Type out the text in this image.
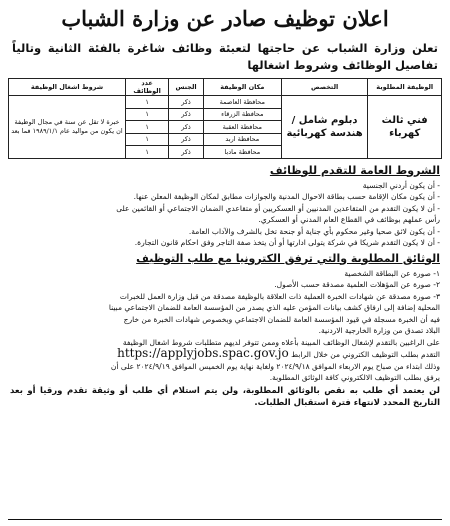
اعلان توظيف صادر عن وزارة الشباب
تعلن وزارة الشباب عن حاجتها لتعبئة وظائف شاغرة بالفئة الثانية وتالياً تفاصيل الوظائف وشروط اشغالها
الوظيفة المطلوبة	التخصص	مكان الوظيفة	الجنس	عدد الوظائف	شروط اشغال الوظيفة
فني ثالث كهرباء	دبلوم شامل / هندسة كهربائية	محافظة العاصمة	ذكر	١	خبرة لا تقل عن سنة في مجال الوظيفة ان يكون من مواليد عام ١٩٨٩/١/١ فما بعد
		محافظة الزرقاء	ذكر	١	
		محافظة العقبة	ذكر	١	
		محافظة اربد	ذكر	١	
		محافظة مادبا	ذكر	١	
الشروط العامة للتقدم للوظائف
- أن يكون أردني الجنسية
- أن يكون مكان الإقامة حسب بطاقة الاحوال المدنية والجوازات مطابق لمكان الوظيفة المعلن عنها.
- أن لا يكون التقدم من المتقاعدين المدنيين أو العسكريين أو متقاعدي الضمان الاجتماعي أو القائمين على
رأس عملهم بوظائف في القطاع العام المدني أو العسكري.
- أن يكون لائق صحيا وغير محكوم بأي جناية أو جنحة تخل بالشرف والآداب العامة.
- أن لا يكون التقدم شريكا في شركة يتولى ادارتها أو أن يتخذ صفة التاجر وفق احكام قانون التجارة.
الوثائق المطلوبة والتي ترفق الكترونيا مع طلب التوظيف
١- صورة عن البطاقة الشخصية
٢- صورة عن المؤهلات العلمية مصدقة حسب الأصول.
٣- صورة مصدقة عن شهادات الخبرة العملية ذات العلاقة بالوظيفة مصدقة من قبل وزارة العمل للخبرات
المحلية إضافة إلى ارفاق كشف بيانات المؤمن عليه الذي يصدر من المؤسسة العامة للضمان الاجتماعي مبينا
فيه أن الخبرة مسجلة في قيود المؤسسة العامة للضمان الاجتماعي وبخصوص شهادات الخبرة من خارج
البلاد تصدق من وزارة الخارجية الاردنية.
على الراغبين بالتقدم لإشغال الوظائف المبينة بأعلاه وممن تتوفر لديهم متطلبات شروط اشغال الوظيفة
التقدم بطلب التوظيف الكتروني من خلال الرابط https://applyjobs.spac.gov.jo
وذلك ابتداء من صباح يوم الاربعاء الموافق ٢٠٢٤/٩/١٨ ولغاية نهاية يوم الخميس الموافق ٢٠٢٤/٩/١٩ على أن
يرفق بطلب التوظيف الالكتروني كافة الوثائق المطلوبة.
لن يعتمد أي طلب به نقص بالوثائق المطلوبة، ولن يتم استلام أي طلب أو وثيقة تقدم ورقيا أو بعد التاريخ المحدد لانتهاء فترة استقبال الطلبات.
